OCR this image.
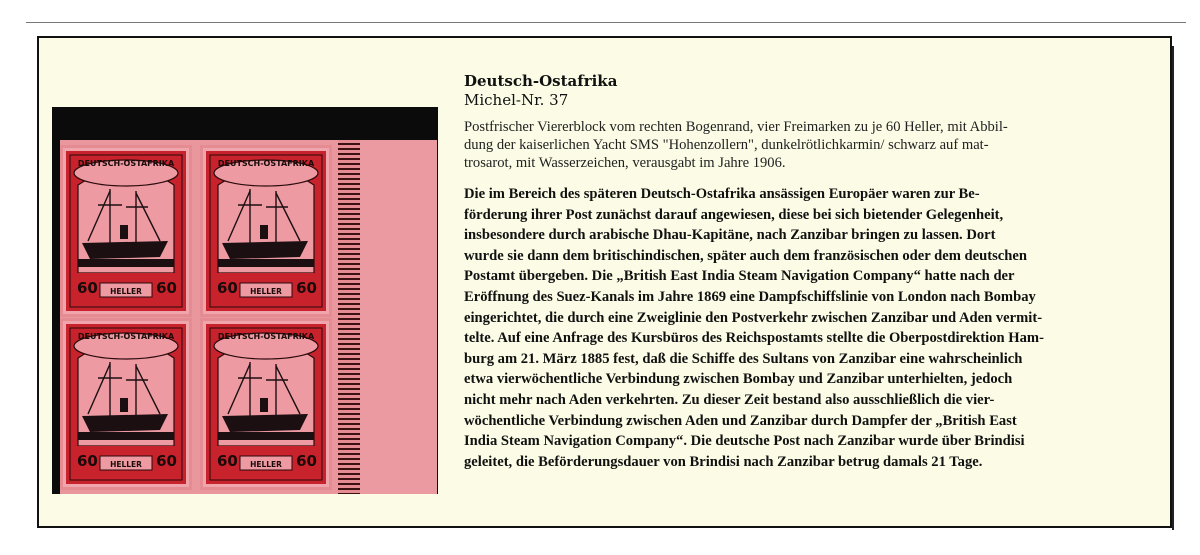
DEUTSCH-OSTAFRIKA
60	60
HELLER
DEUTSCH-OSTAFRIKA
60	60
HELLER
DEUTSCH-OSTAFRIKA
60	60
HELLER
DEUTSCH-OSTAFRIKA
60	60
HELLER

Deutsch-Ostafrika

Michel-Nr. 37

Postfrischer Viererblock vom rechten Bogenrand, vier Freimarken zu je 60 Heller, mit Abbil-
dung der kaiserlichen Yacht SMS "Hohenzollern", dunkelrötlichkarmin/ schwarz auf mat-
trosarot, mit Wasserzeichen, verausgabt im Jahre 1906.

Die im Bereich des späteren Deutsch-Ostafrika ansässigen Europäer waren zur Be-
förderung ihrer Post zunächst darauf angewiesen, diese bei sich bietender Gelegenheit,
insbesondere durch arabische Dhau-Kapitäne, nach Zanzibar bringen zu lassen. Dort
wurde sie dann dem britischindischen, später auch dem französischen oder dem deutschen
Postamt übergeben. Die „British East India Steam Navigation Company“ hatte nach der
Eröffnung des Suez-Kanals im Jahre 1869 eine Dampfschiffslinie von London nach Bombay
eingerichtet, die durch eine Zweiglinie den Postverkehr zwischen Zanzibar und Aden vermit-
telte. Auf eine Anfrage des Kursbüros des Reichspostamts stellte die Oberpostdirektion Ham-
burg am 21. März 1885 fest, daß die Schiffe des Sultans von Zanzibar eine wahrscheinlich
etwa vierwöchentliche Verbindung zwischen Bombay und Zanzibar unterhielten, jedoch
nicht mehr nach Aden verkehrten. Zu dieser Zeit bestand also ausschließlich die vier-
wöchentliche Verbindung zwischen Aden und Zanzibar durch Dampfer der „British East
India Steam Navigation Company“. Die deutsche Post nach Zanzibar wurde über Brindisi
geleitet, die Beförderungsdauer von Brindisi nach Zanzibar betrug damals 21 Tage.
